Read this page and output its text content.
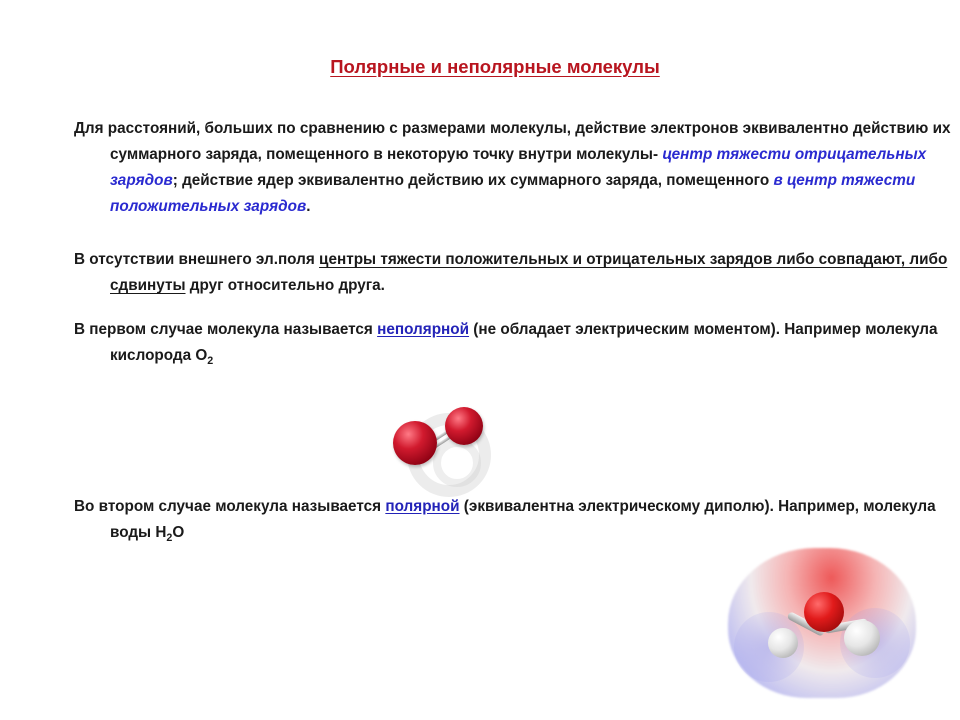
Полярные и неполярные молекулы
Для расстояний, больших по сравнению с размерами молекулы, действие электронов эквивалентно действию их суммарного заряда, помещенного в некоторую точку внутри молекулы- центр тяжести отрицательных зарядов; действие ядер эквивалентно действию их суммарного заряда, помещенного в центр тяжести положительных зарядов.
В отсутствии внешнего эл.поля центры тяжести положительных и отрицательных зарядов либо совпадают, либо сдвинуты друг относительно друга.
В первом случае молекула называется неполярной (не обладает электрическим моментом). Например молекула кислорода $O_2$
Во втором случае молекула называется полярной (эквивалентна электрическому диполю). Например, молекула воды $H_2O$
